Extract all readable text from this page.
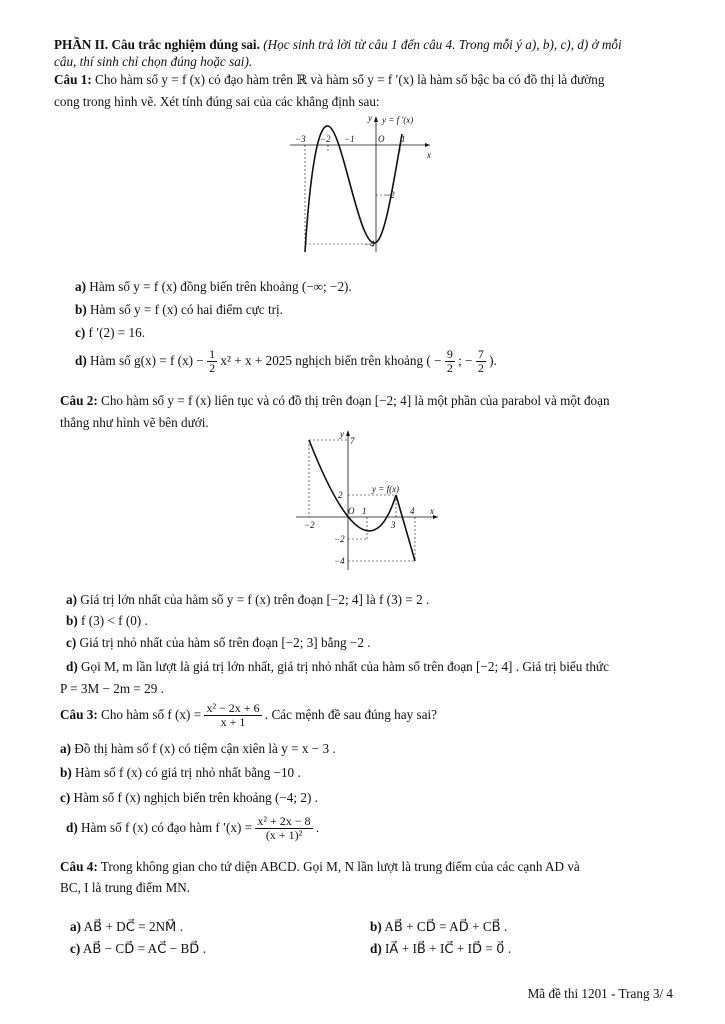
PHẦN II. Câu trắc nghiệm đúng sai. (Học sinh trả lời từ câu 1 đến câu 4. Trong mỗi ý a), b), c), d) ở mỗi
câu, thí sinh chỉ chọn đúng hoặc sai).
Câu 1: Cho hàm số y = f (x) có đạo hàm trên ℝ và hàm số y = f ′(x) là hàm số bậc ba có đồ thị là đường
cong trong hình vẽ. Xét tính đúng sai của các khẳng định sau:
y = f ′(x)
y
x
O
−3 −2 −1	1
−2
−4
a) Hàm số y = f (x) đồng biến trên khoảng (−∞; −2).
b) Hàm số y = f (x) có hai điểm cực trị.
c) f ′(2) = 16.
d) Hàm số g(x) = f $(x) - \frac{1}{2} x^2 + x + 2025$ nghịch biến trên khoảng ( − $\frac{9}{2}$ ; − $\frac{7}{2}$ ).
Câu 2: Cho hàm số y = f (x) liên tục và có đồ thị trên đoạn [−2; 4] là một phần của parabol và một đoạn
thẳng như hình vẽ bên dưới.
y = f(x)
y
x
O
−2
1
3
4
7
2
−2
−4
a) Giá trị lớn nhất của hàm số y = f (x) trên đoạn [−2; 4] là f (3) = 2 .
b) f (3) < f (0) .
c) Giá trị nhỏ nhất của hàm số trên đoạn [−2; 3] bằng −2 .
d) Gọi M, m lần lượt là giá trị lớn nhất, giá trị nhỏ nhất của hàm số trên đoạn [−2; 4] . Giá trị biểu thức
P = 3M − 2m = 29 .
Câu 3: Cho hàm số f $(x) = \frac{\text{x² − 2x + 6}}{x + 1}$ . Các mệnh đề sau đúng hay sai?
a) Đồ thị hàm số f (x) có tiệm cận xiên là y = x − 3 .
b) Hàm số f (x) có giá trị nhỏ nhất bằng −10 .
c) Hàm số f (x) nghịch biến trên khoảng (−4; 2) .
d) Hàm số f (x) có đạo hàm f $'(x) = \frac{\text{x² + 2x − 8}}{\text{(x + 1)²}}$ .
Câu 4: Trong không gian cho tứ diện ABCD. Gọi M, N lần lượt là trung điểm của các cạnh AD và
BC, I là trung điểm MN.
a) AB⃗ + DC⃗ = 2NM⃗ .	b) AB⃗ + CD⃗ = AD⃗ + CB⃗ .
c) AB⃗ − CD⃗ = AC⃗ − BD⃗ .	d) IA⃗ + IB⃗ + IC⃗ + ID⃗ = 0⃗ .
Mã đề thi 1201 - Trang 3/ 4
